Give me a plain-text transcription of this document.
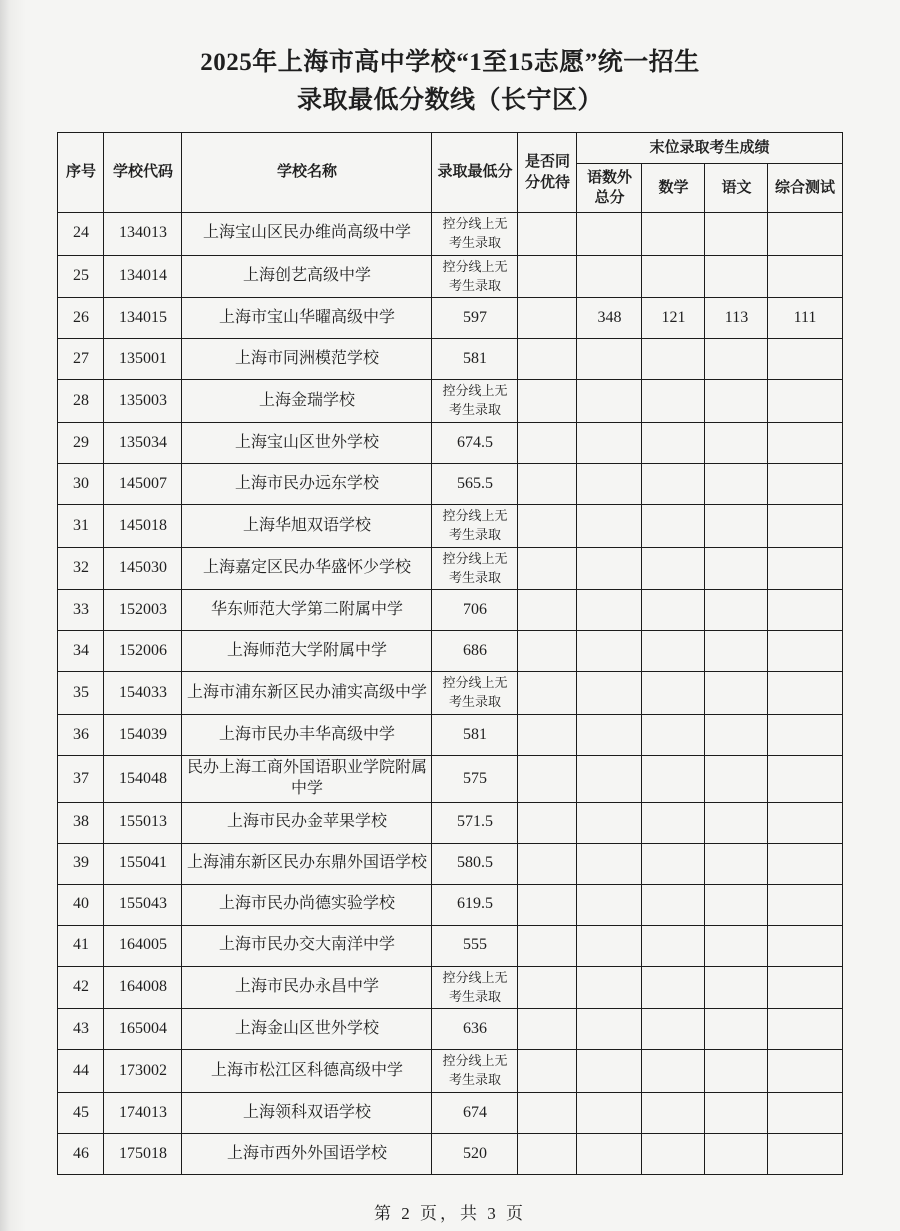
2025年上海市高中学校“1至15志愿”统一招生
录取最低分数线（长宁区）
序号	学校代码	学校名称	录取最低分	是否同分优待	末位录取考生成绩			
					语数外总分	数学	语文	综合测试
24	134013	上海宝山区民办维尚高级中学	控分线上无考生录取					
25	134014	上海创艺高级中学	控分线上无考生录取					
26	134015	上海市宝山华曜高级中学	597		348	121	113	111
27	135001	上海市同洲模范学校	581					
28	135003	上海金瑞学校	控分线上无考生录取					
29	135034	上海宝山区世外学校	674.5					
30	145007	上海市民办远东学校	565.5					
31	145018	上海华旭双语学校	控分线上无考生录取					
32	145030	上海嘉定区民办华盛怀少学校	控分线上无考生录取					
33	152003	华东师范大学第二附属中学	706					
34	152006	上海师范大学附属中学	686					
35	154033	上海市浦东新区民办浦实高级中学	控分线上无考生录取					
36	154039	上海市民办丰华高级中学	581					
37	154048	民办上海工商外国语职业学院附属中学	575					
38	155013	上海市民办金苹果学校	571.5					
39	155041	上海浦东新区民办东鼎外国语学校	580.5					
40	155043	上海市民办尚德实验学校	619.5					
41	164005	上海市民办交大南洋中学	555					
42	164008	上海市民办永昌中学	控分线上无考生录取					
43	165004	上海金山区世外学校	636					
44	173002	上海市松江区科德高级中学	控分线上无考生录取					
45	174013	上海领科双语学校	674					
46	175018	上海市西外外国语学校	520					
第 2 页，共 3 页
